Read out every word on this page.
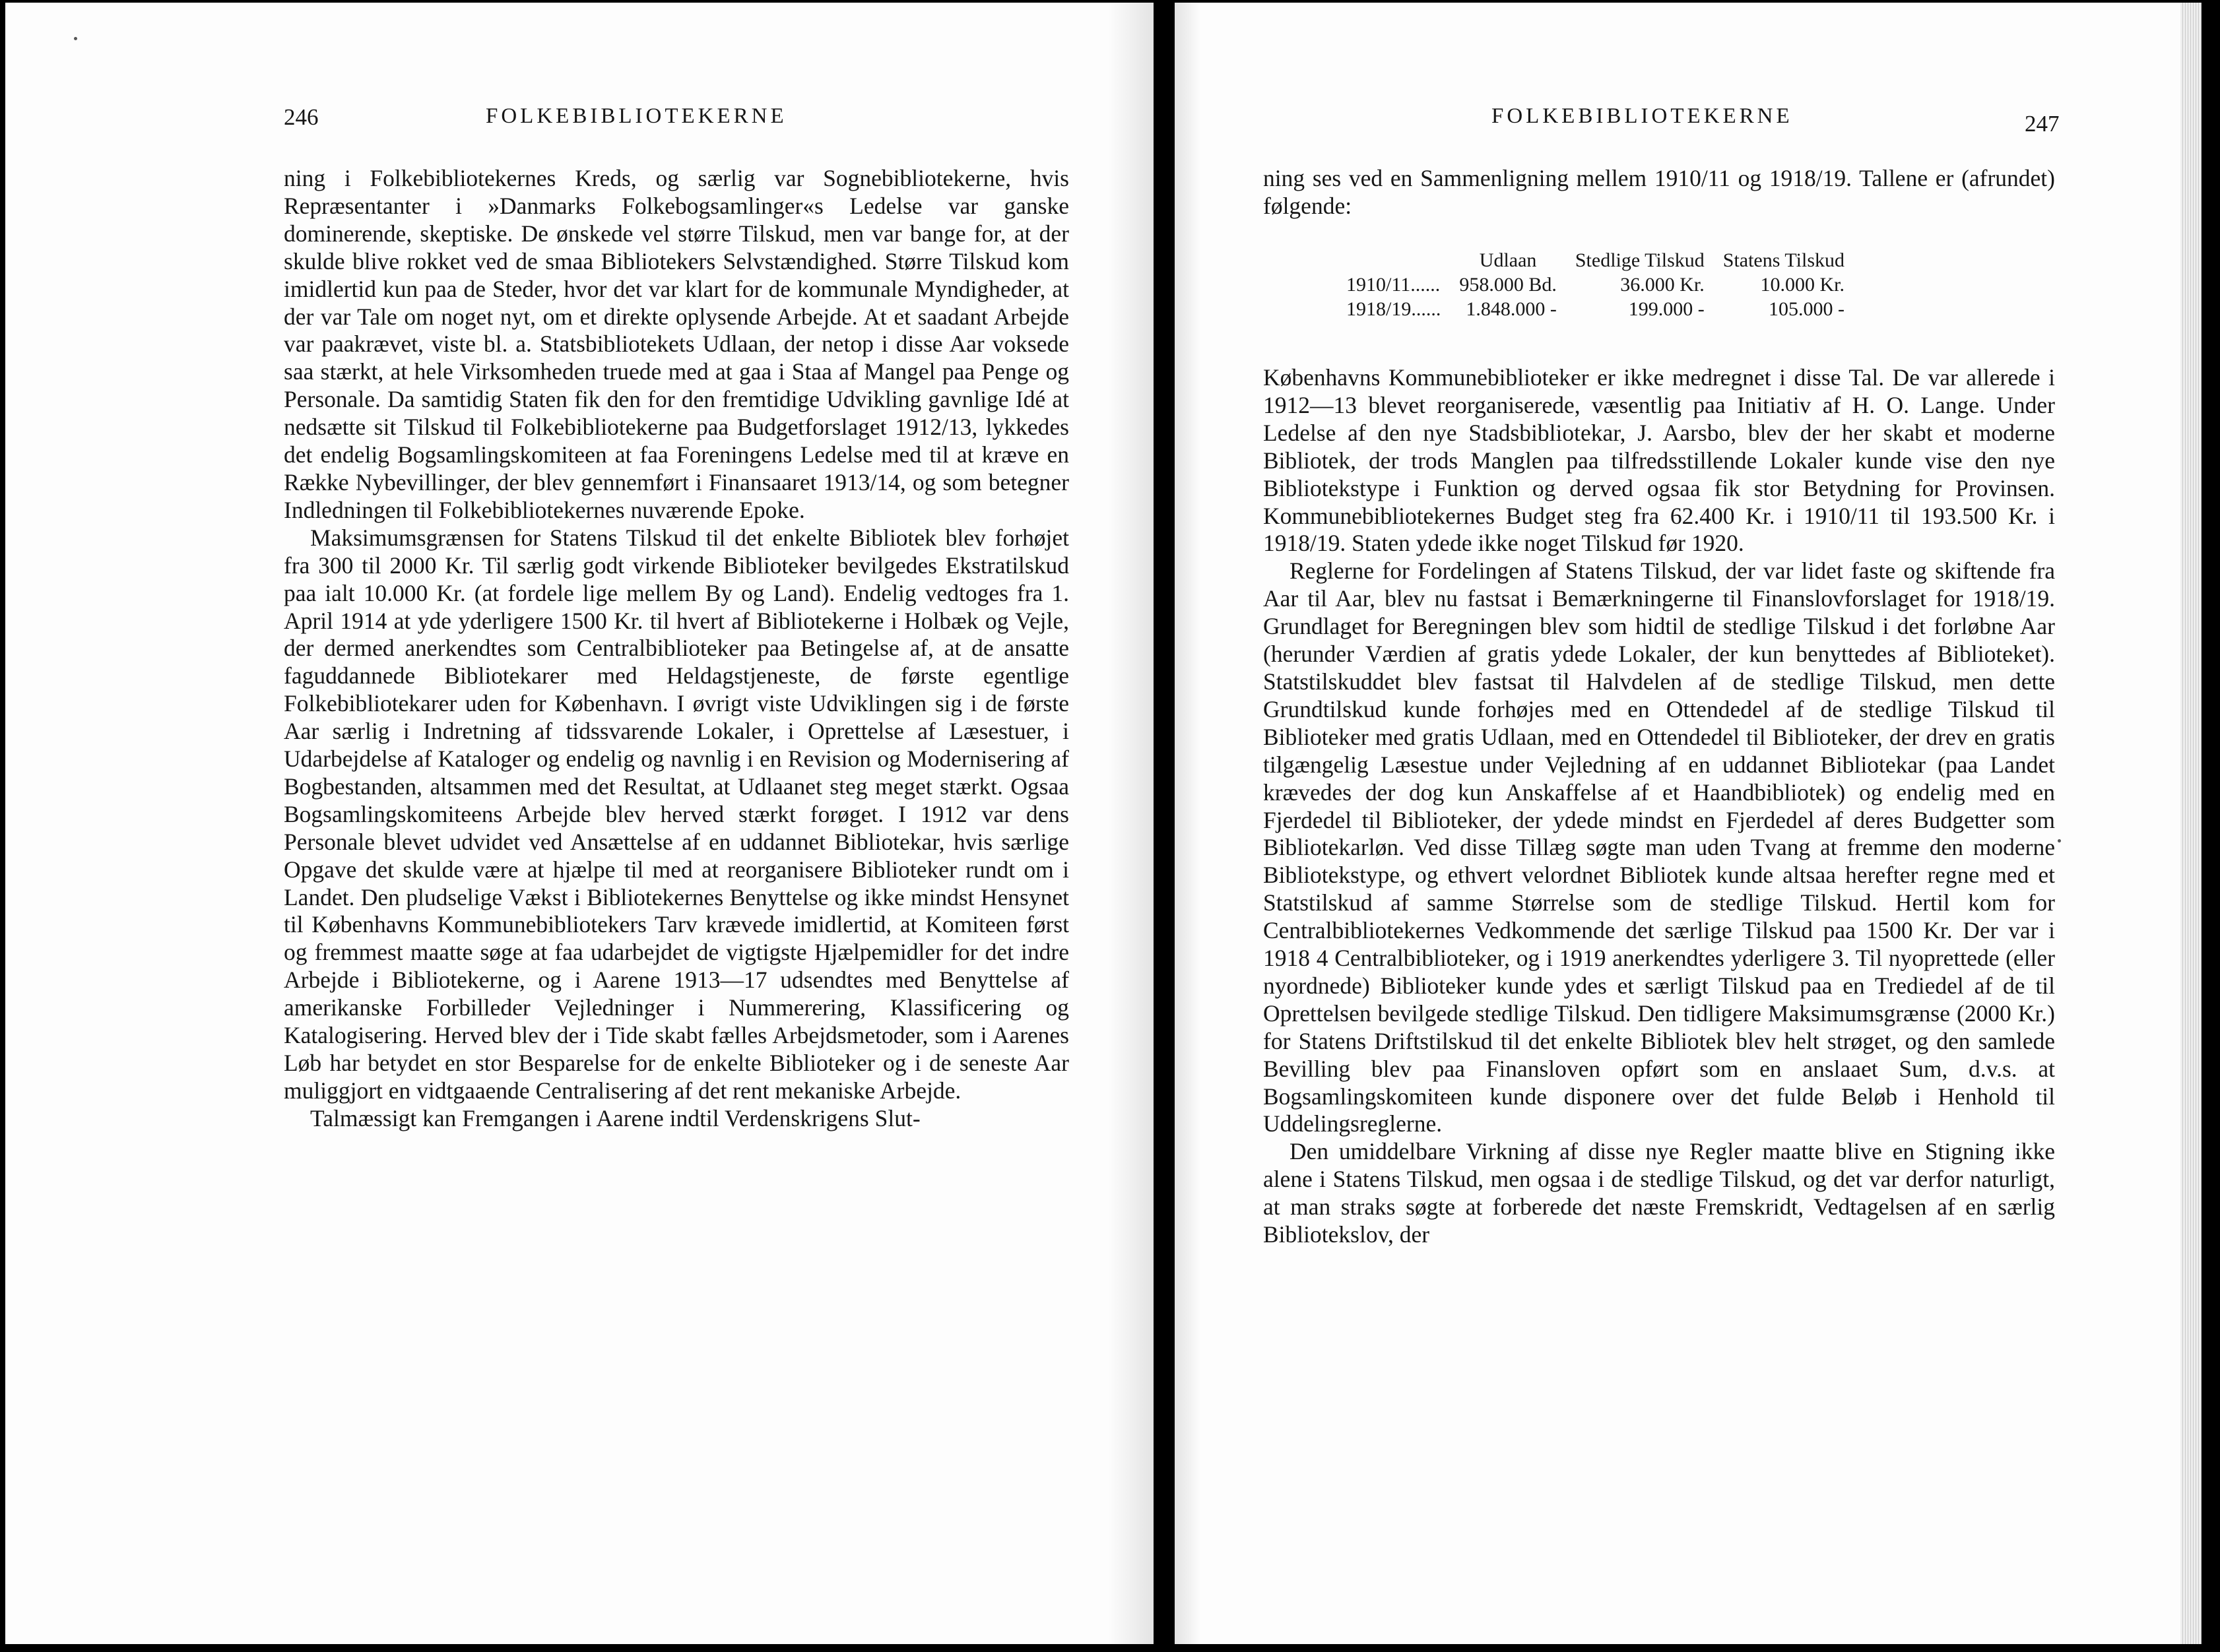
246	FOLKEBIBLIOTEKERNE

ning i Folkebibliotekernes Kreds, og særlig var Sognebibliotekerne, hvis Repræsentanter i »Danmarks Folkebogsamlinger«s Ledelse var ganske dominerende, skeptiske. De ønskede vel større Tilskud, men var bange for, at der skulde blive rokket ved de smaa Bibliotekers Selvstændighed. Større Tilskud kom imidlertid kun paa de Steder, hvor det var klart for de kommunale Myndigheder, at der var Tale om noget nyt, om et direkte oplysende Arbejde. At et saadant Arbejde var paakrævet, viste bl. a. Statsbibliotekets Udlaan, der netop i disse Aar voksede saa stærkt, at hele Virksomheden truede med at gaa i Staa af Mangel paa Penge og Personale. Da samtidig Staten fik den for den fremtidige Udvikling gavnlige Idé at nedsætte sit Tilskud til Folkebibliotekerne paa Budgetforslaget 1912/13, lykkedes det endelig Bogsamlingskomiteen at faa Foreningens Ledelse med til at kræve en Række Nybevillinger, der blev gennemført i Finansaaret 1913/14, og som betegner Indledningen til Folkebibliotekernes nuværende Epoke.

Maksimumsgrænsen for Statens Tilskud til det enkelte Bibliotek blev forhøjet fra 300 til 2000 Kr. Til særlig godt virkende Biblioteker bevilgedes Ekstratilskud paa ialt 10.000 Kr. (at fordele lige mellem By og Land). Endelig vedtoges fra 1. April 1914 at yde yderligere 1500 Kr. til hvert af Bibliotekerne i Holbæk og Vejle, der dermed anerkendtes som Centralbiblioteker paa Betingelse af, at de ansatte faguddannede Bibliotekarer med Heldagstjeneste, de første egentlige Folkebibliotekarer uden for København. I øvrigt viste Udviklingen sig i de første Aar særlig i Indretning af tidssvarende Lokaler, i Oprettelse af Læsestuer, i Udarbejdelse af Kataloger og endelig og navnlig i en Revision og Modernisering af Bogbestanden, altsammen med det Resultat, at Udlaanet steg meget stærkt. Ogsaa Bogsamlingskomiteens Arbejde blev herved stærkt forøget. I 1912 var dens Personale blevet udvidet ved Ansættelse af en uddannet Bibliotekar, hvis særlige Opgave det skulde være at hjælpe til med at reorganisere Biblioteker rundt om i Landet. Den pludselige Vækst i Bibliotekernes Benyttelse og ikke mindst Hensynet til Københavns Kommunebibliotekers Tarv krævede imidlertid, at Komiteen først og fremmest maatte søge at faa udarbejdet de vigtigste Hjælpemidler for det indre Arbejde i Bibliotekerne, og i Aarene 1913—17 udsendtes med Benyttelse af amerikanske Forbilleder Vejledninger i Nummerering, Klassificering og Katalogisering. Herved blev der i Tide skabt fælles Arbejdsmetoder, som i Aarenes Løb har betydet en stor Besparelse for de enkelte Biblioteker og i de seneste Aar muliggjort en vidtgaaende Centralisering af det rent mekaniske Arbejde.

Talmæssigt kan Fremgangen i Aarene indtil Verdenskrigens Slut-

FOLKEBIBLIOTEKERNE	247

ning ses ved en Sammenligning mellem 1910/11 og 1918/19. Tallene er (afrundet) følgende:

	Udlaan	Stedlige Tilskud	Statens Tilskud
1910/11......	958.000 Bd.	36.000 Kr.	10.000 Kr.
1918/19......	1.848.000 -	199.000 -	105.000 -

Københavns Kommunebiblioteker er ikke medregnet i disse Tal. De var allerede i 1912—13 blevet reorganiserede, væsentlig paa Initiativ af H. O. Lange. Under Ledelse af den nye Stadsbibliotekar, J. Aarsbo, blev der her skabt et moderne Bibliotek, der trods Manglen paa tilfredsstillende Lokaler kunde vise den nye Bibliotekstype i Funktion og derved ogsaa fik stor Betydning for Provinsen. Kommunebibliotekernes Budget steg fra 62.400 Kr. i 1910/11 til 193.500 Kr. i 1918/19. Staten ydede ikke noget Tilskud før 1920.

Reglerne for Fordelingen af Statens Tilskud, der var lidet faste og skiftende fra Aar til Aar, blev nu fastsat i Bemærkningerne til Finanslovforslaget for 1918/19. Grundlaget for Beregningen blev som hidtil de stedlige Tilskud i det forløbne Aar (herunder Værdien af gratis ydede Lokaler, der kun benyttedes af Biblioteket). Statstilskuddet blev fastsat til Halvdelen af de stedlige Tilskud, men dette Grundtilskud kunde forhøjes med en Ottendedel af de stedlige Tilskud til Biblioteker med gratis Udlaan, med en Ottendedel til Biblioteker, der drev en gratis tilgængelig Læsestue under Vejledning af en uddannet Bibliotekar (paa Landet krævedes der dog kun Anskaffelse af et Haandbibliotek) og endelig med en Fjerdedel til Biblioteker, der ydede mindst en Fjerdedel af deres Budgetter som Bibliotekarløn. Ved disse Tillæg søgte man uden Tvang at fremme den moderne Bibliotekstype, og ethvert velordnet Bibliotek kunde altsaa herefter regne med et Statstilskud af samme Størrelse som de stedlige Tilskud. Hertil kom for Centralbibliotekernes Vedkommende det særlige Tilskud paa 1500 Kr. Der var i 1918 4 Centralbiblioteker, og i 1919 anerkendtes yderligere 3. Til nyoprettede (eller nyordnede) Biblioteker kunde ydes et særligt Tilskud paa en Trediedel af de til Oprettelsen bevilgede stedlige Tilskud. Den tidligere Maksimumsgrænse (2000 Kr.) for Statens Driftstilskud til det enkelte Bibliotek blev helt strøget, og den samlede Bevilling blev paa Finansloven opført som en anslaaet Sum, d.v.s. at Bogsamlingskomiteen kunde disponere over det fulde Beløb i Henhold til Uddelingsreglerne.

Den umiddelbare Virkning af disse nye Regler maatte blive en Stigning ikke alene i Statens Tilskud, men ogsaa i de stedlige Tilskud, og det var derfor naturligt, at man straks søgte at forberede det næste Fremskridt, Vedtagelsen af en særlig Bibliotekslov, der
